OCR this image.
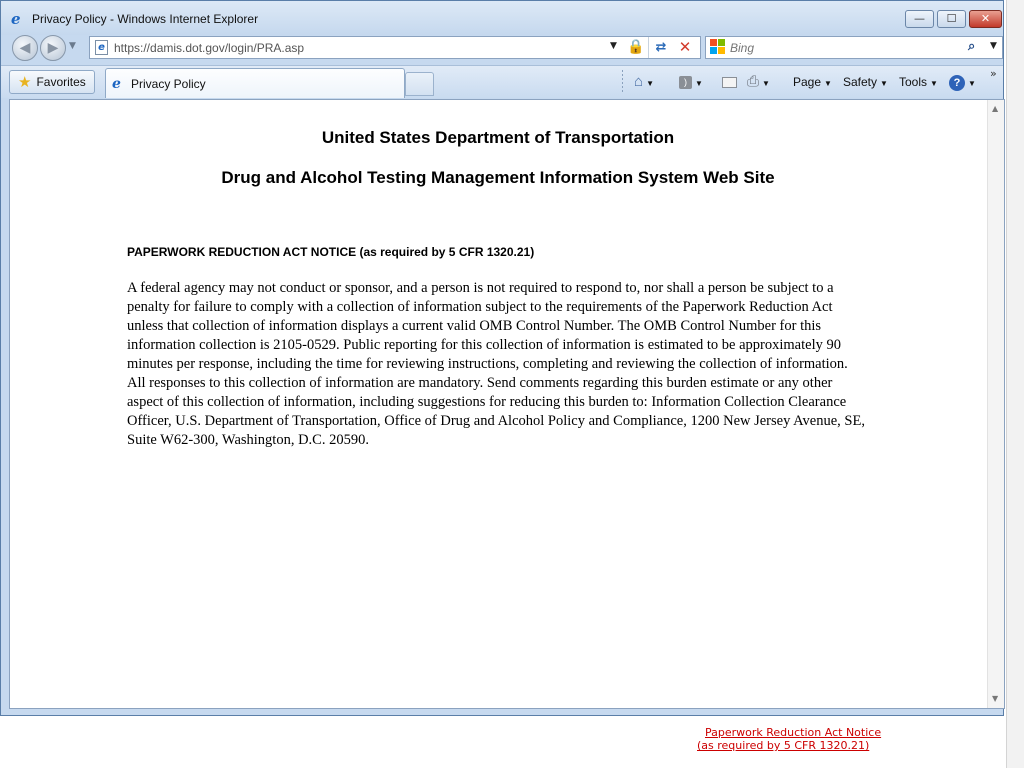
Paperwork Reduction Act Notice
(as required by 5 CFR 1320.21)
e Privacy Policy - Windows Internet Explorer	—	☐	✕
◀	▶	▼	e
https://damis.dot.gov/login/PRA.asp	▼ 🔒 ⇄ ✕
Bing	⌕ ▼
★ Favorites e Privacy Policy	⌂ ▼	) ▼	⎙ ▼ Page ▼ Safety ▼ Tools ▼	? ▼
»
United States Department of Transportation
Drug and Alcohol Testing Management Information System Web Site
PAPERWORK REDUCTION ACT NOTICE (as required by 5 CFR 1320.21)

A federal agency may not conduct or sponsor, and a person is not required to respond to, nor shall a person be subject to a penalty for failure to comply with a collection of information subject to the requirements of the Paperwork Reduction Act unless that collection of information displays a current valid OMB Control Number. The OMB Control Number for this information collection is 2105-0529. Public reporting for this collection of information is estimated to be approximately 90 minutes per response, including the time for reviewing instructions, completing and reviewing the collection of information. All responses to this collection of information are mandatory. Send comments regarding this burden estimate or any other aspect of this collection of information, including suggestions for reducing this burden to: Information Collection Clearance Officer, U.S. Department of Transportation, Office of Drug and Alcohol Policy and Compliance, 1200 New Jersey Avenue, SE, Suite W62-300, Washington, D.C. 20590.

▲
▼
